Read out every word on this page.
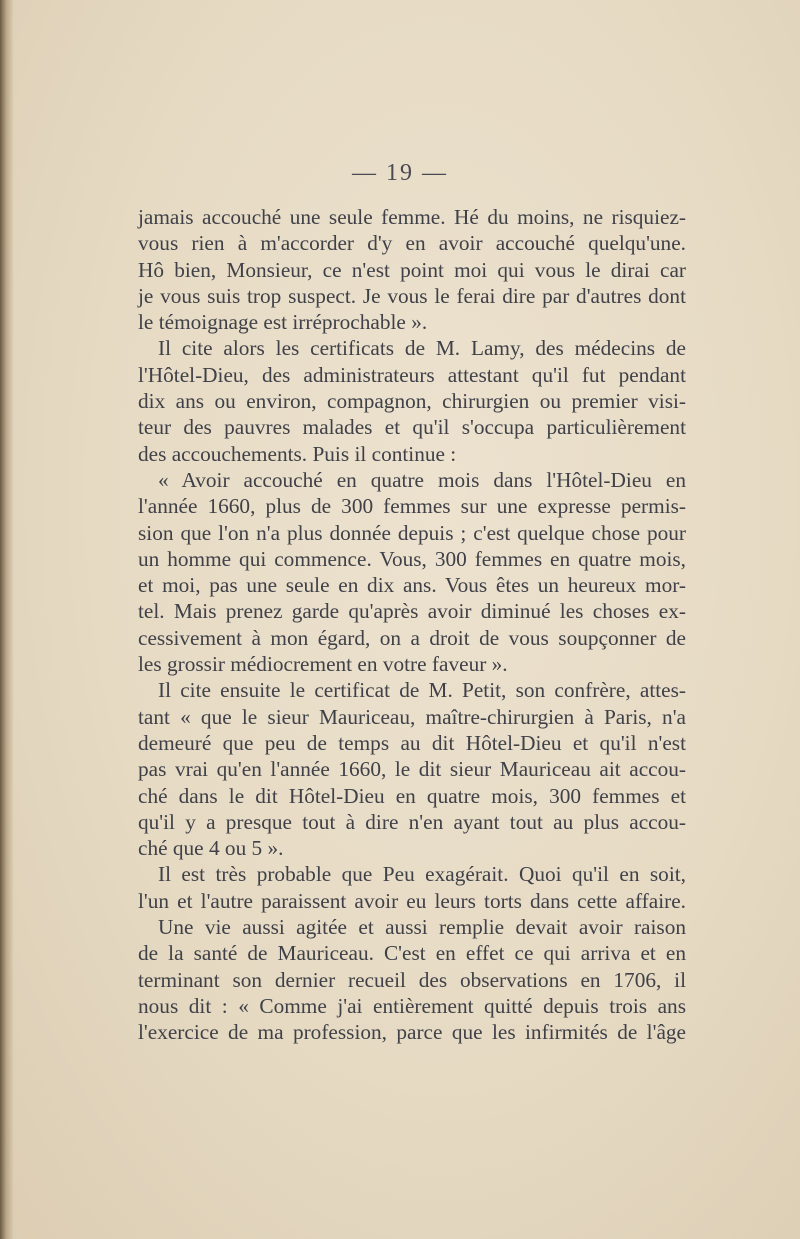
— 19 —
jamais accouché une seule femme. Hé du moins, ne risquiez-
vous rien à m'accorder d'y en avoir accouché quelqu'une.
Hô bien, Monsieur, ce n'est point moi qui vous le dirai car
je vous suis trop suspect. Je vous le ferai dire par d'autres dont
le témoignage est irréprochable ».
Il cite alors les certificats de M. Lamy, des médecins de
l'Hôtel-Dieu, des administrateurs attestant qu'il fut pendant
dix ans ou environ, compagnon, chirurgien ou premier visi-
teur des pauvres malades et qu'il s'occupa particulièrement
des accouchements. Puis il continue :
« Avoir accouché en quatre mois dans l'Hôtel-Dieu en
l'année 1660, plus de 300 femmes sur une expresse permis-
sion que l'on n'a plus donnée depuis ; c'est quelque chose pour
un homme qui commence. Vous, 300 femmes en quatre mois,
et moi, pas une seule en dix ans. Vous êtes un heureux mor-
tel. Mais prenez garde qu'après avoir diminué les choses ex-
cessivement à mon égard, on a droit de vous soupçonner de
les grossir médiocrement en votre faveur ».
Il cite ensuite le certificat de M. Petit, son confrère, attes-
tant « que le sieur Mauriceau, maître-chirurgien à Paris, n'a
demeuré que peu de temps au dit Hôtel-Dieu et qu'il n'est
pas vrai qu'en l'année 1660, le dit sieur Mauriceau ait accou-
ché dans le dit Hôtel-Dieu en quatre mois, 300 femmes et
qu'il y a presque tout à dire n'en ayant tout au plus accou-
ché que 4 ou 5 ».
Il est très probable que Peu exagérait. Quoi qu'il en soit,
l'un et l'autre paraissent avoir eu leurs torts dans cette affaire.
Une vie aussi agitée et aussi remplie devait avoir raison
de la santé de Mauriceau. C'est en effet ce qui arriva et en
terminant son dernier recueil des observations en 1706, il
nous dit : « Comme j'ai entièrement quitté depuis trois ans
l'exercice de ma profession, parce que les infirmités de l'âge
